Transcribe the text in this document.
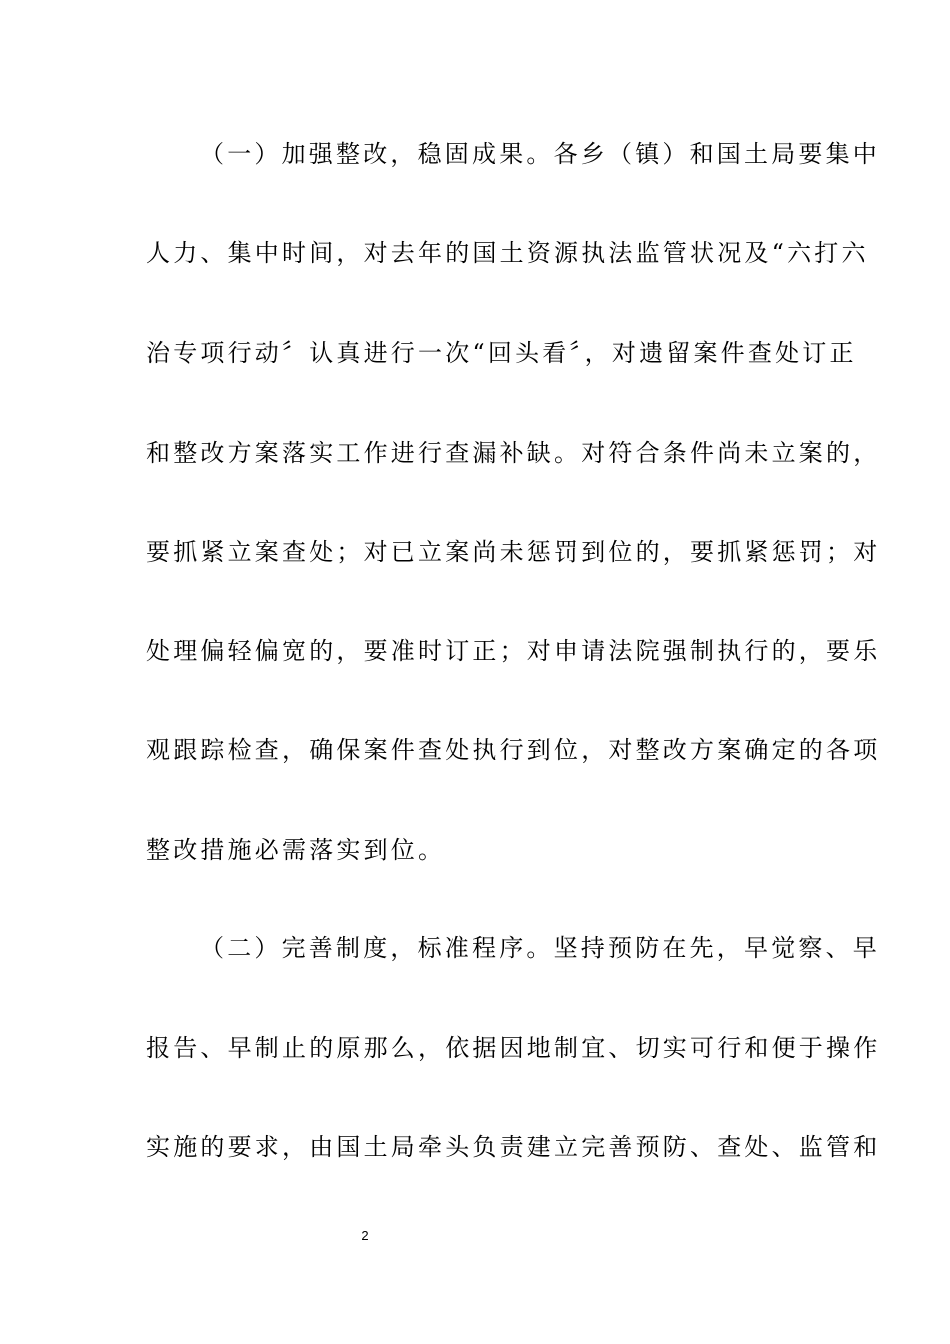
（一）加强整改，稳固成果。各乡（镇）和国土局要集中
人力、集中时间，对去年的国土资源执法监管状况及“六打六
治专项行动〞认真进行一次“回头看〞，对遗留案件查处订正
和整改方案落实工作进行查漏补缺。对符合条件尚未立案的，
要抓紧立案查处；对已立案尚未惩罚到位的，要抓紧惩罚；对
处理偏轻偏宽的，要准时订正；对申请法院强制执行的，要乐
观跟踪检查，确保案件查处执行到位，对整改方案确定的各项
整改措施必需落实到位。
（二）完善制度，标准程序。坚持预防在先，早觉察、早
报告、早制止的原那么，依据因地制宜、切实可行和便于操作
实施的要求，由国土局牵头负责建立完善预防、查处、监管和
2
